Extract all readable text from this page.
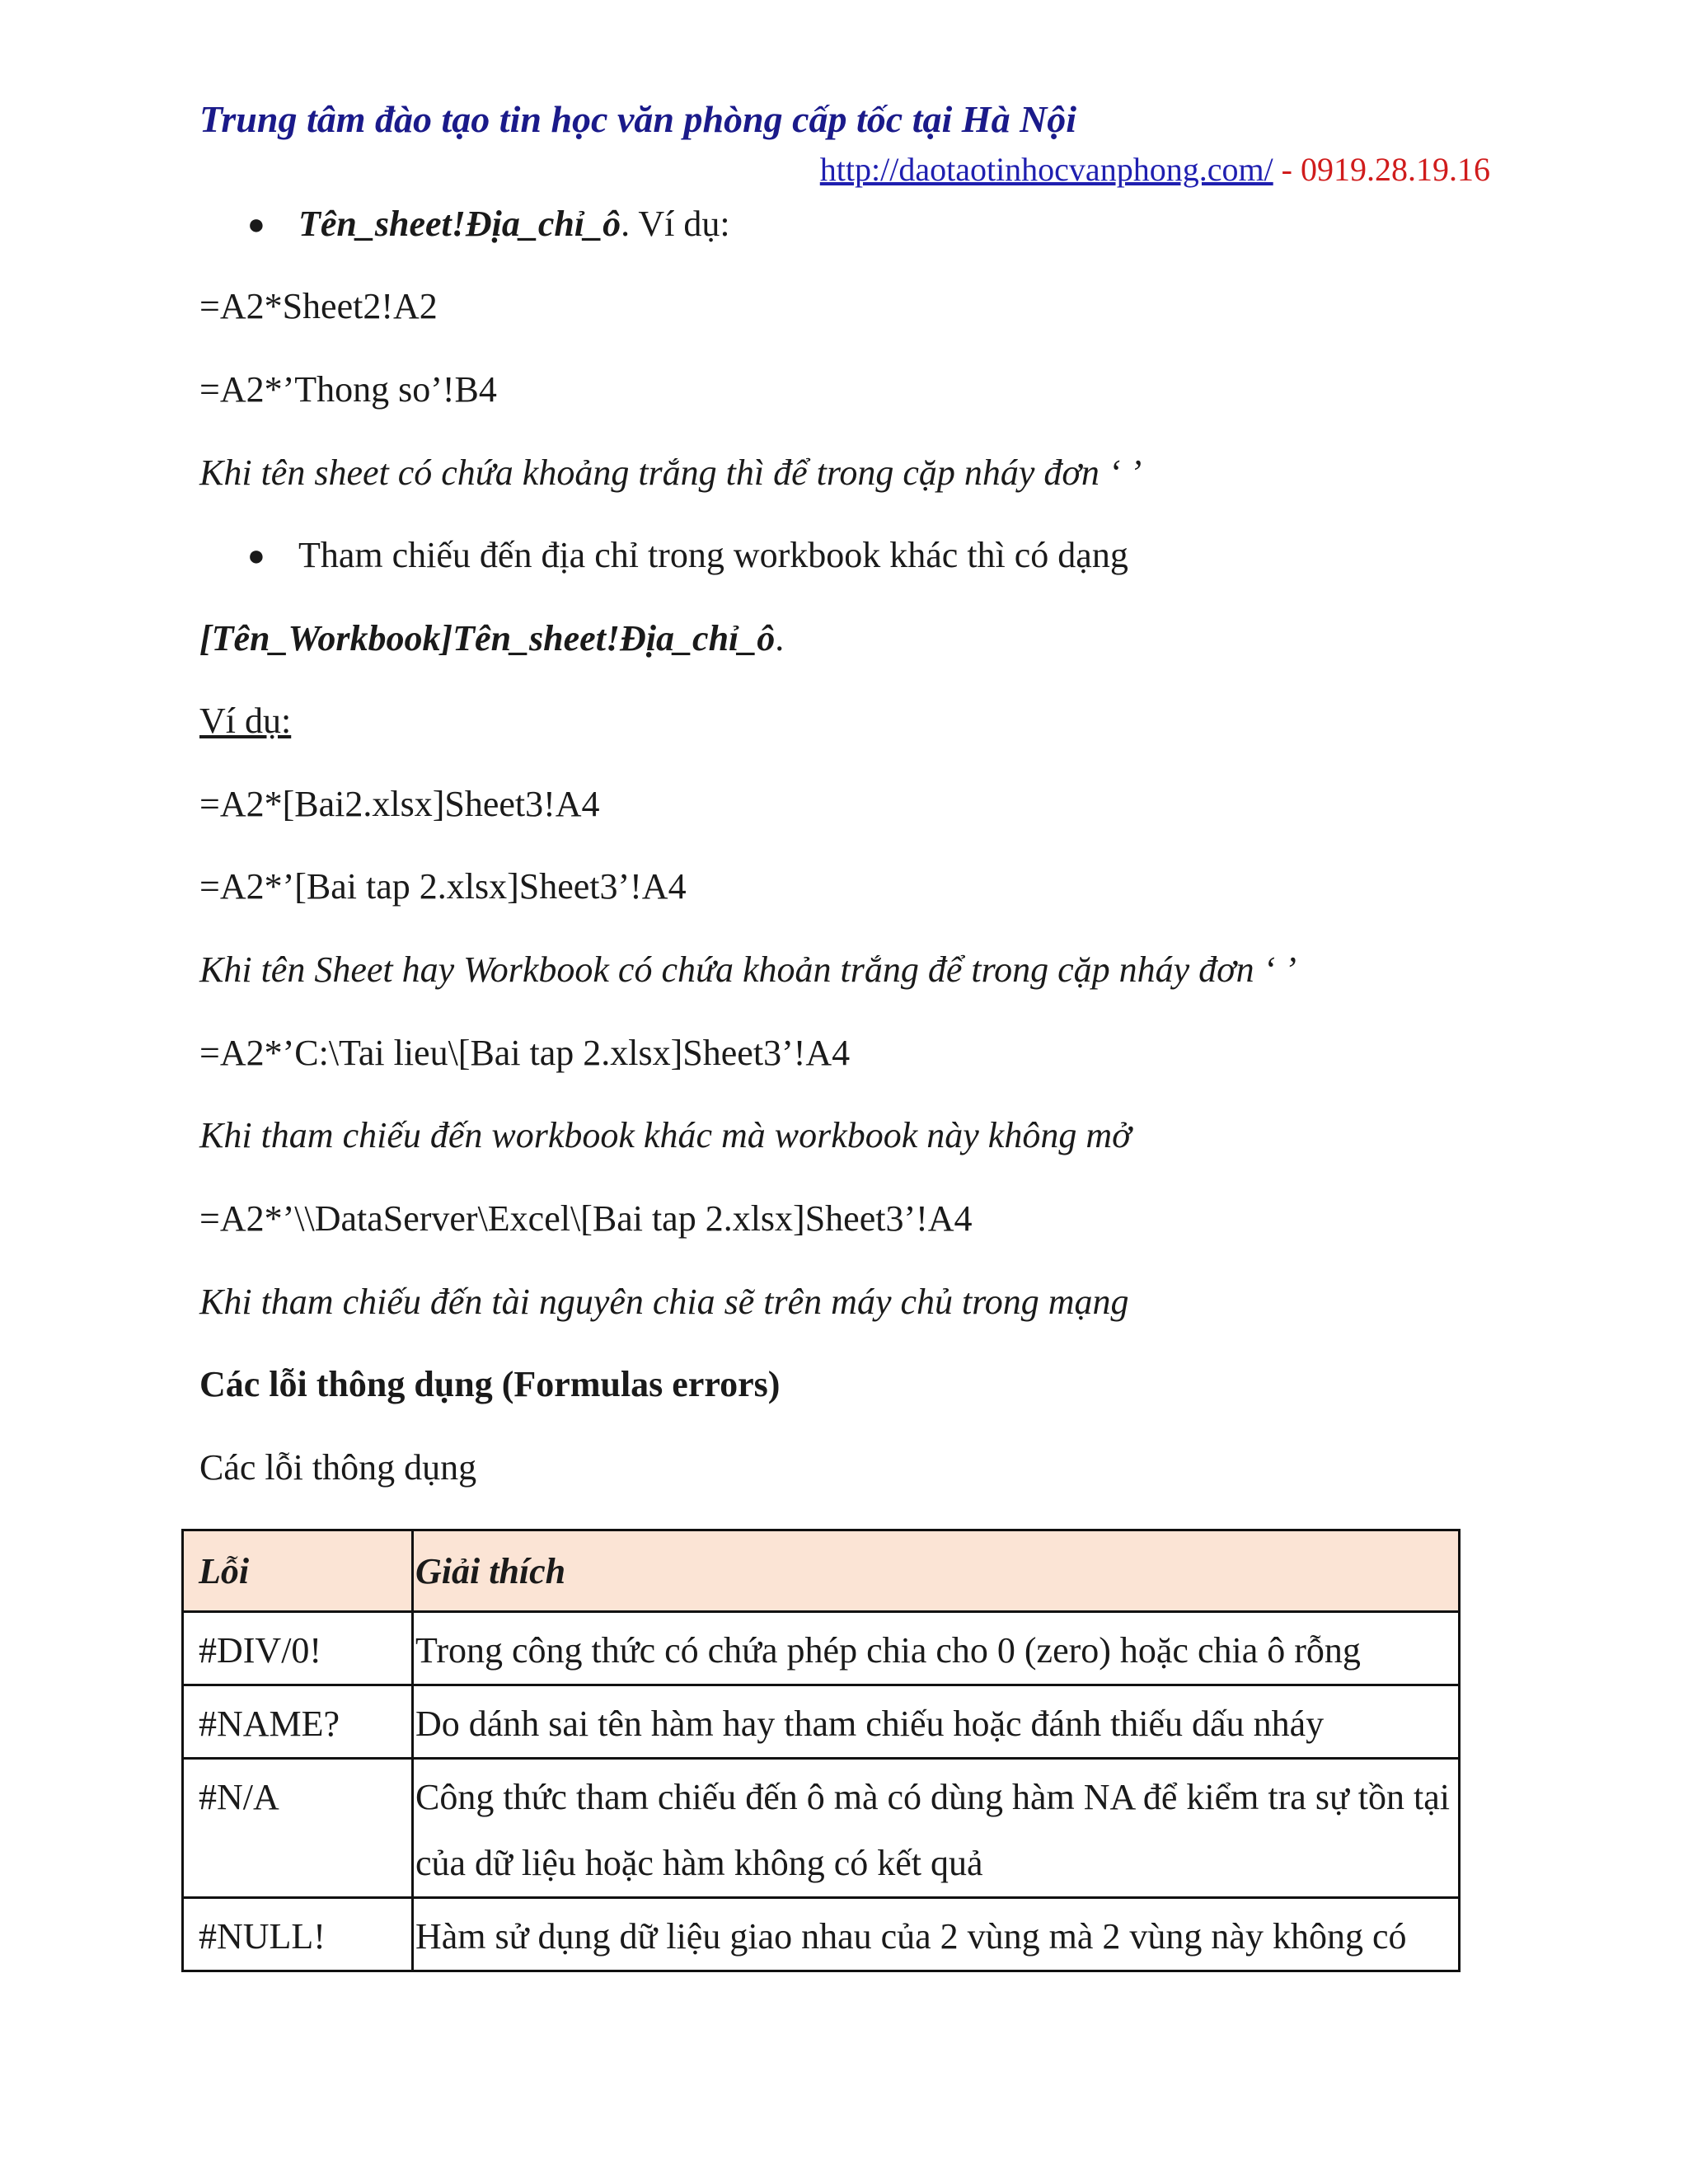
Trung tâm đào tạo tin học văn phòng cấp tốc tại Hà Nội
http://daotaotinhocvanphong.com/ - 0919.28.19.16
● Tên_sheet!Địa_chỉ_ô. Ví dụ:
=A2*Sheet2!A2
=A2*’Thong so’!B4
Khi tên sheet có chứa khoảng trắng thì để trong cặp nháy đơn ‘ ’
● Tham chiếu đến địa chỉ trong workbook khác thì có dạng
[Tên_Workbook]Tên_sheet!Địa_chỉ_ô.
Ví dụ:
=A2*[Bai2.xlsx]Sheet3!A4
=A2*’[Bai tap 2.xlsx]Sheet3’!A4
Khi tên Sheet hay Workbook có chứa khoản trắng để trong cặp nháy đơn ‘ ’
=A2*’C:\Tai lieu\[Bai tap 2.xlsx]Sheet3’!A4
Khi tham chiếu đến workbook khác mà workbook này không mở
=A2*’\\DataServer\Excel\[Bai tap 2.xlsx]Sheet3’!A4
Khi tham chiếu đến tài nguyên chia sẽ trên máy chủ trong mạng
Các lỗi thông dụng (Formulas errors)
Các lỗi thông dụng
Lỗi	Giải thích
#DIV/0!	Trong công thức có chứa phép chia cho 0 (zero) hoặc chia ô rỗng
#NAME?	Do dánh sai tên hàm hay tham chiếu hoặc đánh thiếu dấu nháy
#N/A	Công thức tham chiếu đến ô mà có dùng hàm NA để kiểm tra sự tồn tại của dữ liệu hoặc hàm không có kết quả
#NULL!	Hàm sử dụng dữ liệu giao nhau của 2 vùng mà 2 vùng này không có
